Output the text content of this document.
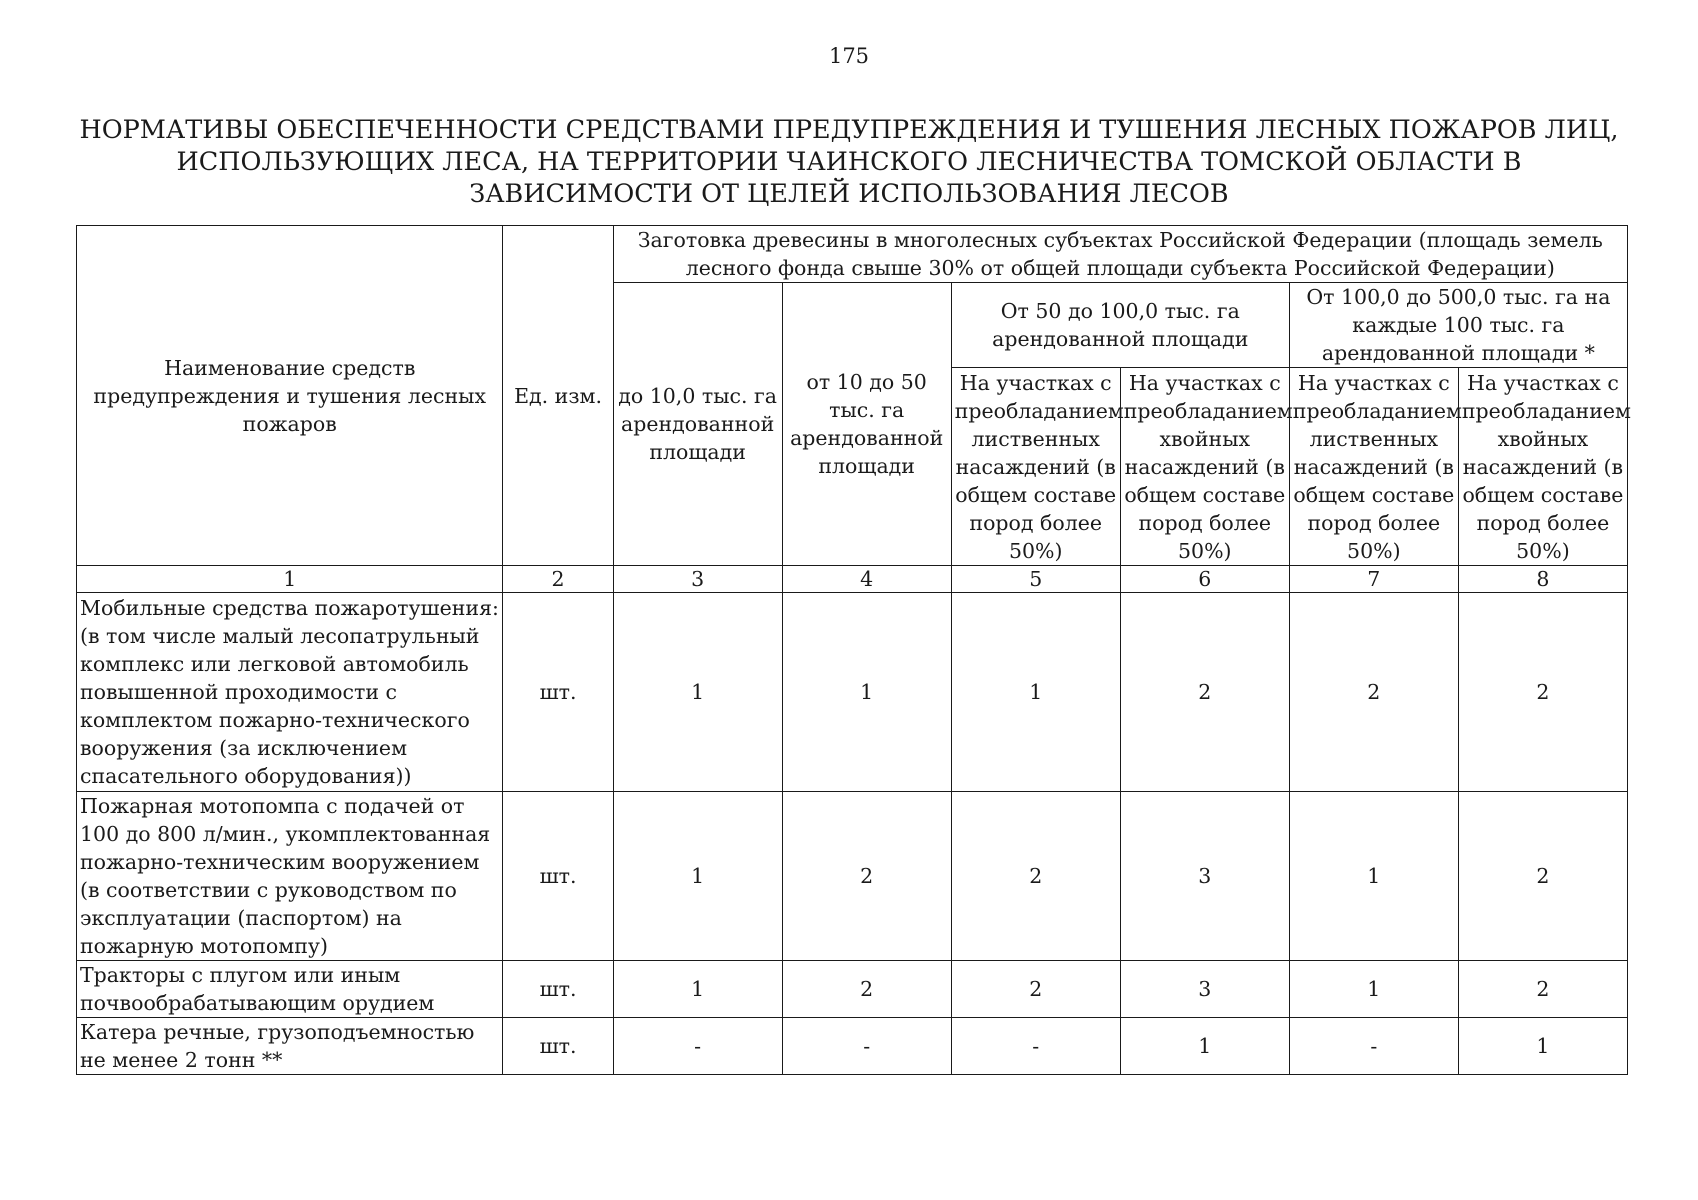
175
НОРМАТИВЫ ОБЕСПЕЧЕННОСТИ СРЕДСТВАМИ ПРЕДУПРЕЖДЕНИЯ И ТУШЕНИЯ ЛЕСНЫХ ПОЖАРОВ ЛИЦ,
ИСПОЛЬЗУЮЩИХ ЛЕСА, НА ТЕРРИТОРИИ ЧАИНСКОГО ЛЕСНИЧЕСТВА ТОМСКОЙ ОБЛАСТИ В
ЗАВИСИМОСТИ ОТ ЦЕЛЕЙ ИСПОЛЬЗОВАНИЯ ЛЕСОВ
Наименование средств предупреждения и тушения лесных пожаров	Ед. изм.	Заготовка древесины в многолесных субъектах Российской Федерации (площадь земель лесного фонда свыше 30% от общей площади субъекта Российской Федерации)					
		до 10,0 тыс. га арендованной площади	от 10 до 50 тыс. га арендованной площади	От 50 до 100,0 тыс. га арендованной площади		От 100,0 до 500,0 тыс. га на каждые 100 тыс. га арендованной площади *	
				На участках с преобладанием лиственных насаждений (в общем составе пород более 50%)	На участках с преобладанием хвойных насаждений (в общем составе пород более 50%)	На участках с преобладанием лиственных насаждений (в общем составе пород более 50%)	На участках с преобладанием хвойных насаждений (в общем составе пород более 50%)
1	2	3	4	5	6	7	8
Мобильные средства пожаротушения: (в том числе малый лесопатрульный комплекс или легковой автомобиль повышенной проходимости с комплектом пожарно-технического вооружения (за исключением спасательного оборудования))	шт.	1	1	1	2	2	2
Пожарная мотопомпа с подачей от 100 до 800 л/мин., укомплектованная пожарно-техническим вооружением (в соответствии с руководством по эксплуатации (паспортом) на пожарную мотопомпу)	шт.	1	2	2	3	1	2
Тракторы с плугом или иным почвообрабатывающим орудием	шт.	1	2	2	3	1	2
Катера речные, грузоподъемностью не менее 2 тонн **	шт.	-	-	-	1	-	1
